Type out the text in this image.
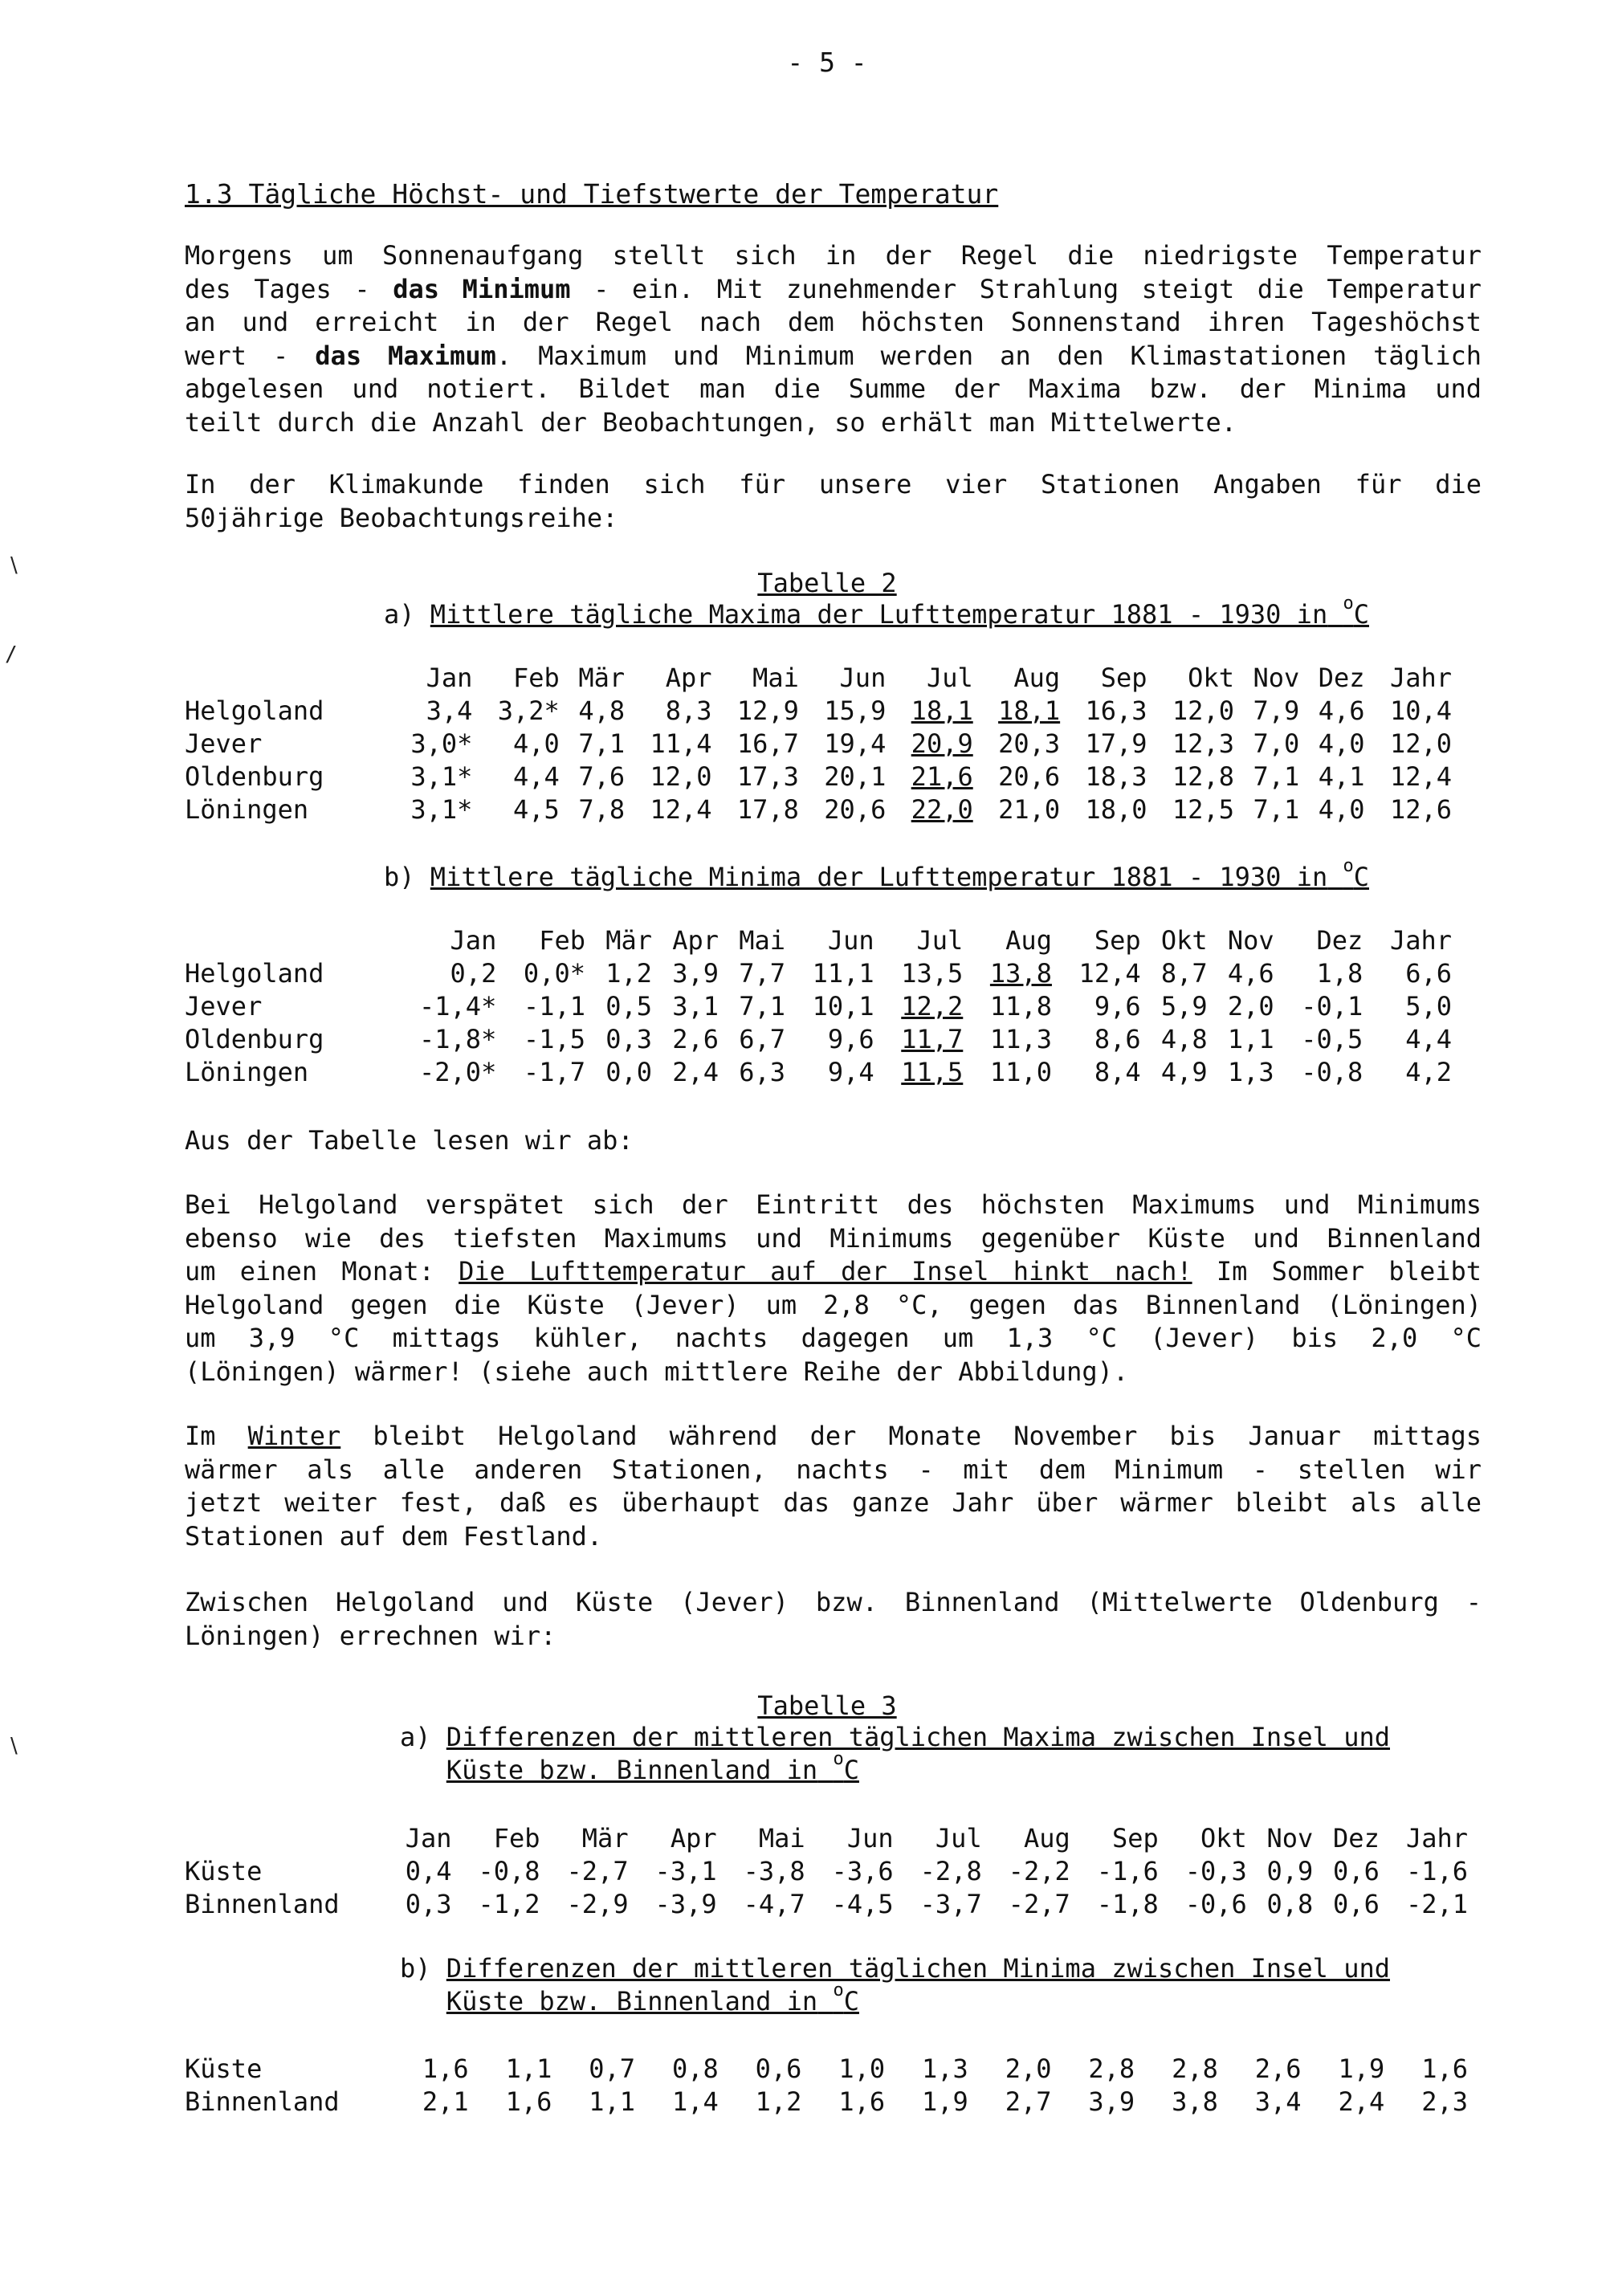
- 5 -
1.3 Tägliche Höchst- und Tiefstwerte der Temperatur
Morgens um Sonnenaufgang stellt sich in der Regel die niedrigste Temperatur
des Tages - das Minimum - ein. Mit zunehmender Strahlung steigt die Temperatur
an und erreicht in der Regel nach dem höchsten Sonnenstand ihren Tageshöchst
wert - das Maximum. Maximum und Minimum werden an den Klimastationen täglich
abgelesen und notiert. Bildet man die Summe der Maxima bzw. der Minima und
teilt durch die Anzahl der Beobachtungen, so erhält man Mittelwerte.
In der Klimakunde finden sich für unsere vier Stationen Angaben für die
50jährige Beobachtungsreihe:
Tabelle 2
a) Mittlere tägliche Maxima der Lufttemperatur 1881 - 1930 in $^o$C
	Jan	Feb	Mär	Apr	Mai	Jun	Jul	Aug	Sep	Okt	Nov	Dez	Jahr
Helgoland	3,4	3,2*	4,8	8,3	12,9	15,9	18,1	18,1	16,3	12,0	7,9	4,6	10,4
Jever	3,0*	4,0	7,1	11,4	16,7	19,4	20,9	20,3	17,9	12,3	7,0	4,0	12,0
Oldenburg	3,1*	4,4	7,6	12,0	17,3	20,1	21,6	20,6	18,3	12,8	7,1	4,1	12,4
Löningen	3,1*	4,5	7,8	12,4	17,8	20,6	22,0	21,0	18,0	12,5	7,1	4,0	12,6
b) Mittlere tägliche Minima der Lufttemperatur 1881 - 1930 in $^o$C
	Jan	Feb	Mär	Apr	Mai	Jun	Jul	Aug	Sep	Okt	Nov	Dez	Jahr
Helgoland	0,2	0,0*	1,2	3,9	7,7	11,1	13,5	13,8	12,4	8,7	4,6	1,8	6,6
Jever	-1,4*	-1,1	0,5	3,1	7,1	10,1	12,2	11,8	9,6	5,9	2,0	-0,1	5,0
Oldenburg	-1,8*	-1,5	0,3	2,6	6,7	9,6	11,7	11,3	8,6	4,8	1,1	-0,5	4,4
Löningen	-2,0*	-1,7	0,0	2,4	6,3	9,4	11,5	11,0	8,4	4,9	1,3	-0,8	4,2
Aus der Tabelle lesen wir ab:
Bei Helgoland verspätet sich der Eintritt des höchsten Maximums und Minimums
ebenso wie des tiefsten Maximums und Minimums gegenüber Küste und Binnenland
um einen Monat: Die Lufttemperatur auf der Insel hinkt nach! Im Sommer bleibt
Helgoland gegen die Küste (Jever) um 2,8 °C, gegen das Binnenland (Löningen)
um 3,9 °C mittags kühler, nachts dagegen um 1,3 °C (Jever) bis 2,0 °C
(Löningen) wärmer! (siehe auch mittlere Reihe der Abbildung).
Im Winter bleibt Helgoland während der Monate November bis Januar mittags
wärmer als alle anderen Stationen, nachts - mit dem Minimum - stellen wir
jetzt weiter fest, daß es überhaupt das ganze Jahr über wärmer bleibt als alle
Stationen auf dem Festland.
Zwischen Helgoland und Küste (Jever) bzw. Binnenland (Mittelwerte Oldenburg -
Löningen) errechnen wir:
Tabelle 3
a) Differenzen der mittleren täglichen Maxima zwischen Insel und
Küste bzw. Binnenland in $^o$C
	Jan	Feb	Mär	Apr	Mai	Jun	Jul	Aug	Sep	Okt	Nov	Dez	Jahr
Küste	0,4	-0,8	-2,7	-3,1	-3,8	-3,6	-2,8	-2,2	-1,6	-0,3	0,9	0,6	-1,6
Binnenland	0,3	-1,2	-2,9	-3,9	-4,7	-4,5	-3,7	-2,7	-1,8	-0,6	0,8	0,6	-2,1
b) Differenzen der mittleren täglichen Minima zwischen Insel und
Küste bzw. Binnenland in $^o$C
Küste	1,6	1,1	0,7	0,8	0,6	1,0	1,3	2,0	2,8	2,8	2,6	1,9	1,6
Binnenland	2,1	1,6	1,1	1,4	1,2	1,6	1,9	2,7	3,9	3,8	3,4	2,4	2,3
∖
∕
∖
